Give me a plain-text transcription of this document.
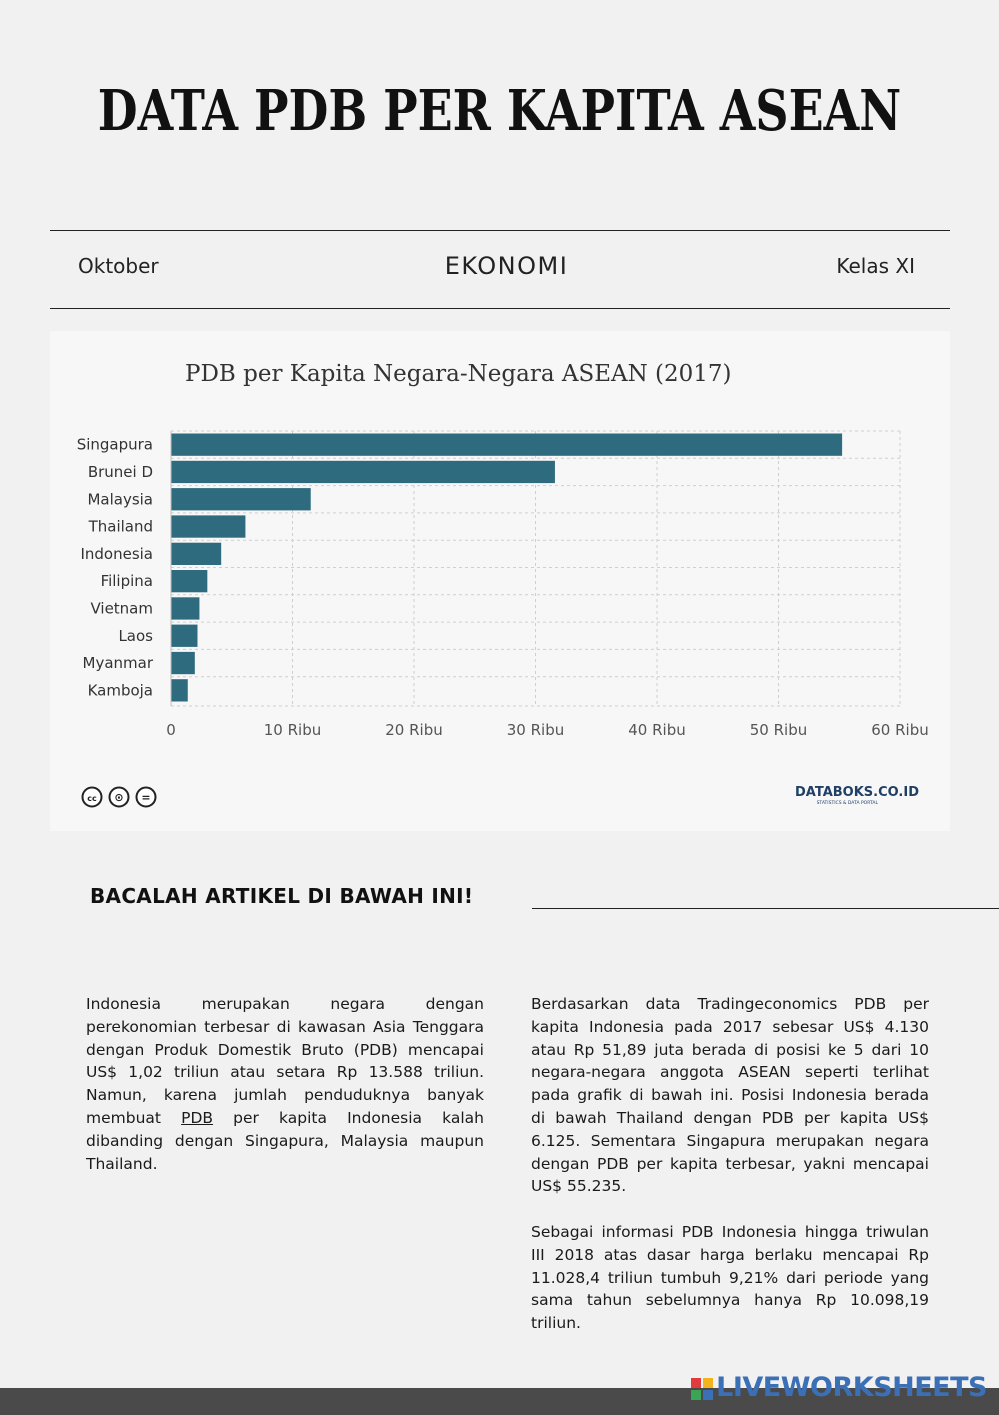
DATA PDB PER KAPITA ASEAN
Oktober	EKONOMI	Kelas XI
PDB per Kapita Negara-Negara ASEAN (2017)
0	10 Ribu	20 Ribu	30 Ribu	40 Ribu	50 Ribu	60 Ribu
Singapura
Brunei D
Malaysia
Thailand
Indonesia
Filipina
Vietnam
Laos
Myanmar
Kamboja
cc ⊙ =	DATABOKS.CO.ID
STATISTICS & DATA PORTAL
BACALAH ARTIKEL DI BAWAH INI!

Indonesia merupakan negara dengan perekonomian terbesar di kawasan Asia Tenggara dengan Produk Domestik Bruto (PDB) mencapai US$ 1,02 triliun atau setara Rp 13.588 triliun. Namun, karena jumlah penduduknya banyak membuat PDB per kapita Indonesia kalah dibanding dengan Singapura, Malaysia maupun Thailand.

Berdasarkan data Tradingeconomics PDB per kapita Indonesia pada 2017 sebesar US$ 4.130 atau Rp 51,89 juta berada di posisi ke 5 dari 10 negara-negara anggota ASEAN seperti terlihat pada grafik di bawah ini. Posisi Indonesia berada di bawah Thailand dengan PDB per kapita US$ 6.125. Sementara Singapura merupakan negara dengan PDB per kapita terbesar, yakni mencapai US$ 55.235.

Sebagai informasi PDB Indonesia hingga triwulan III 2018 atas dasar harga berlaku mencapai Rp 11.028,4 triliun tumbuh 9,21% dari periode yang sama tahun sebelumnya hanya Rp 10.098,19 triliun.

LIVEWORKSHEETS
